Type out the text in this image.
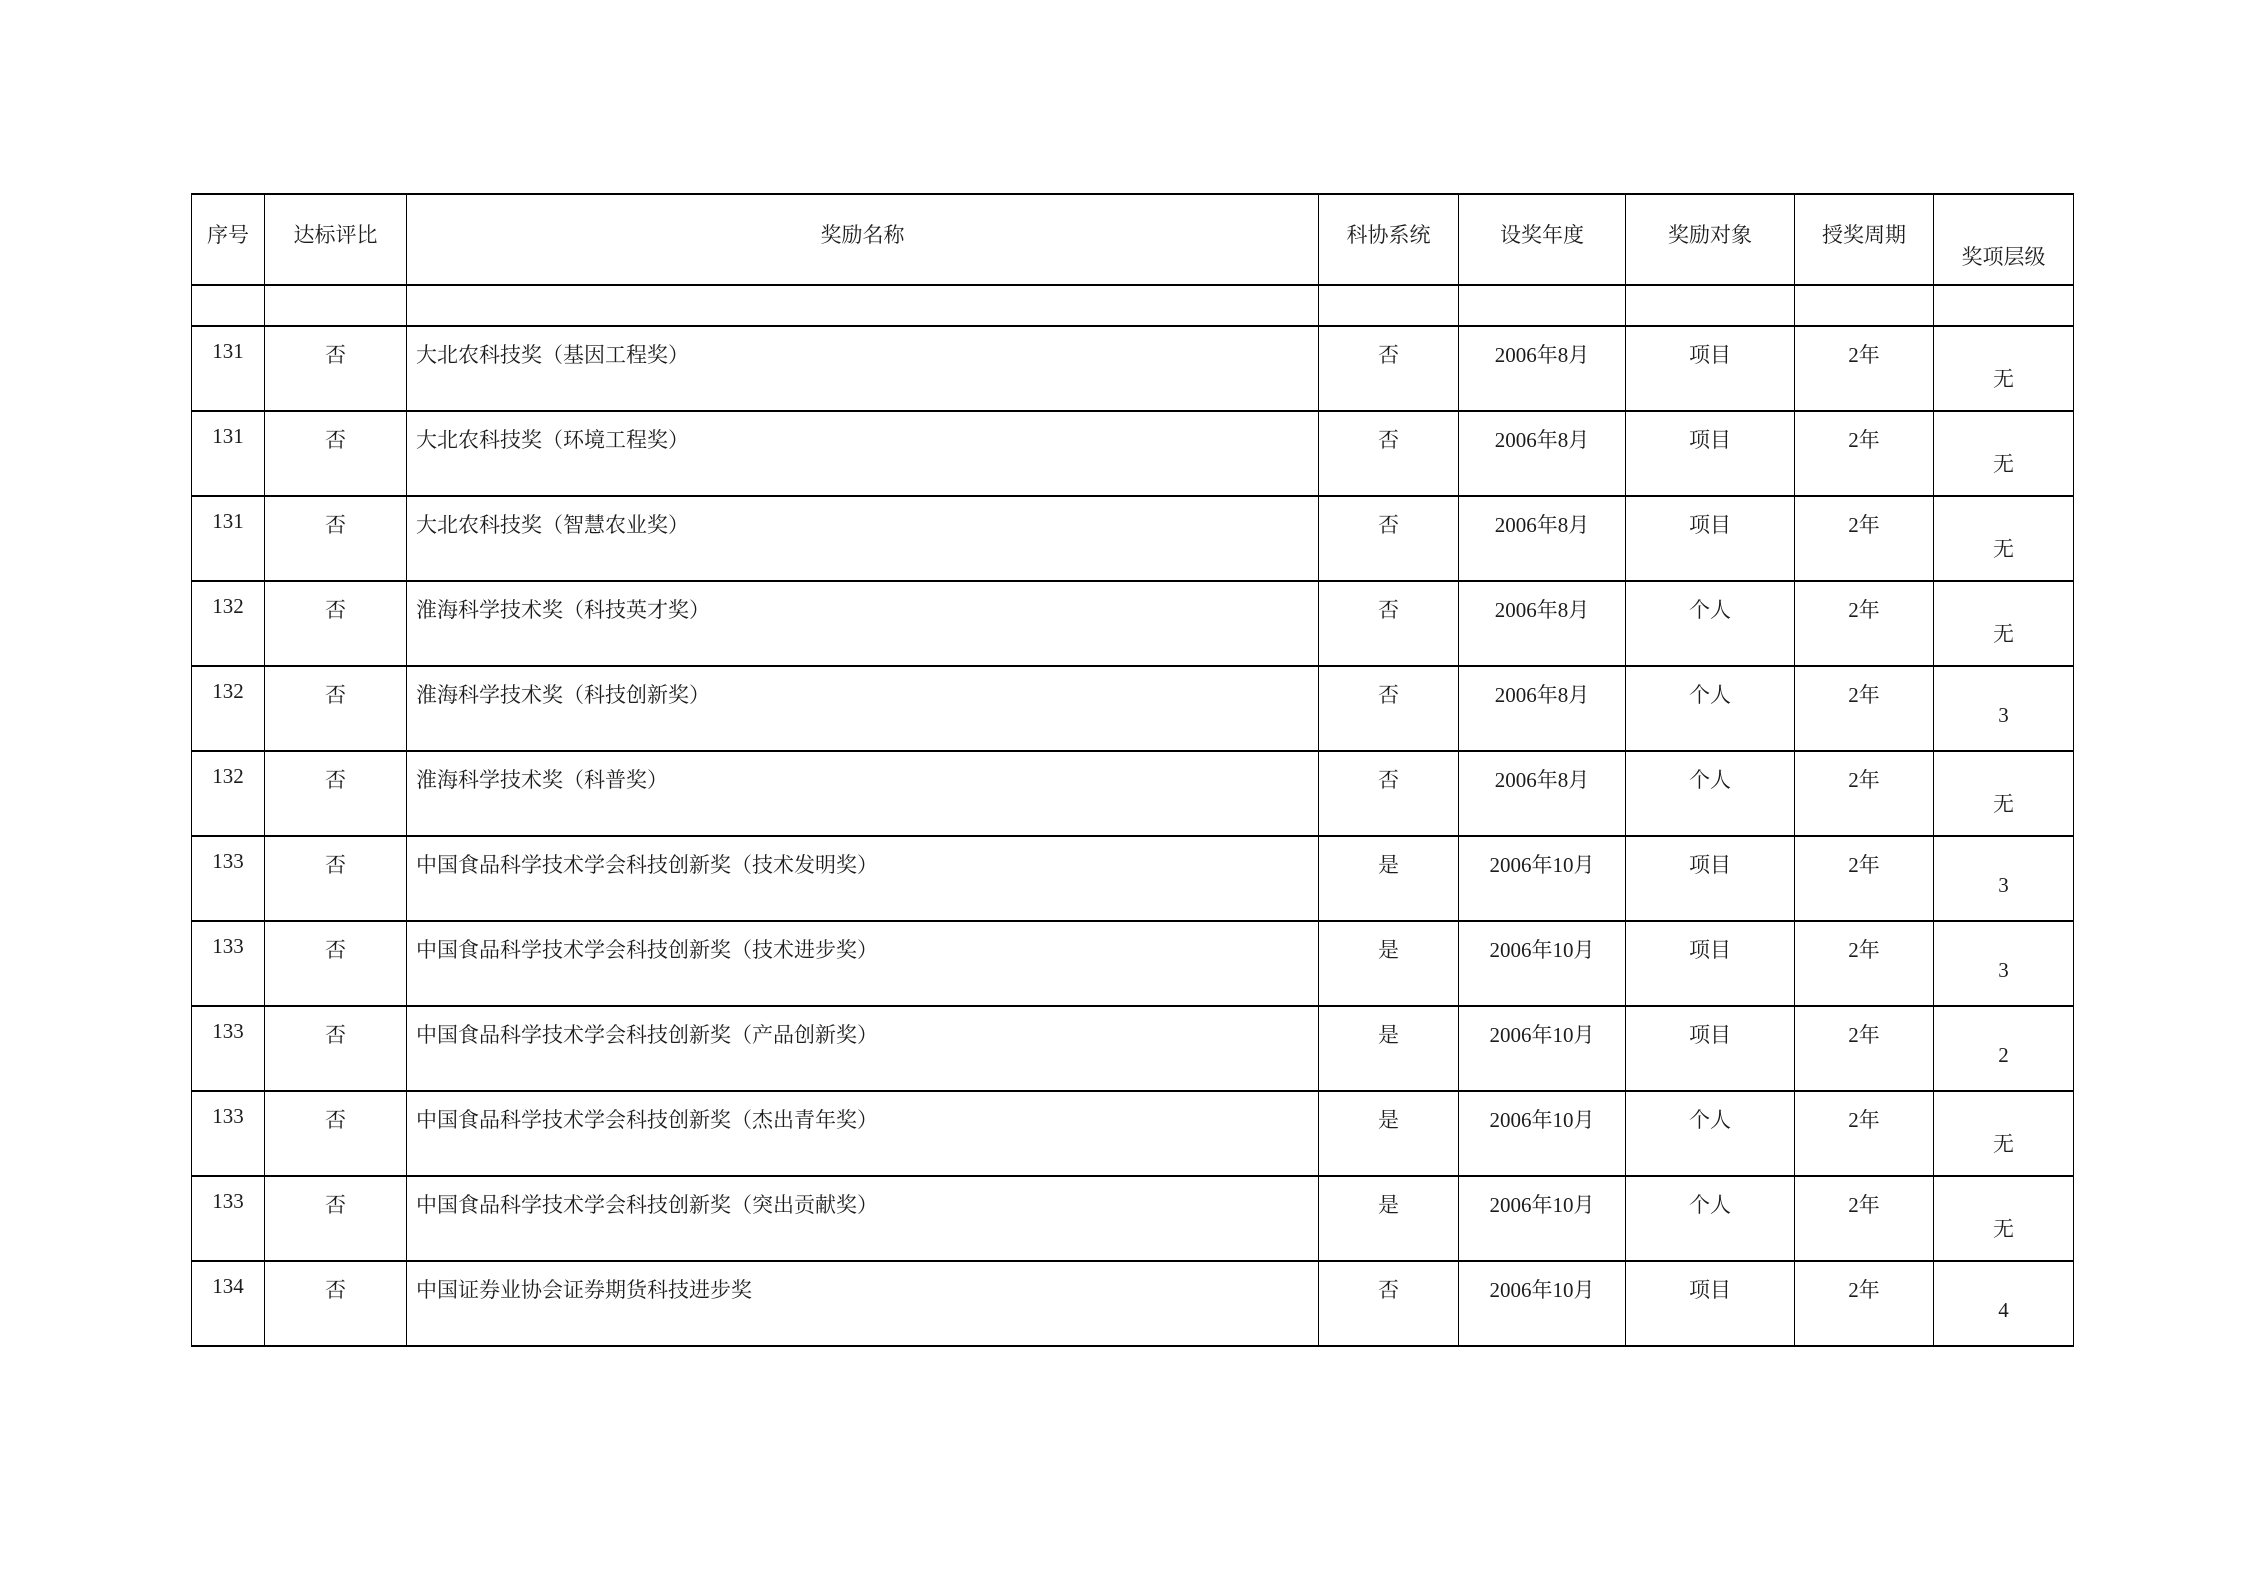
序号	达标评比	奖励名称	科协系统	设奖年度	奖励对象	授奖周期	奖项层级

131	否	大北农科技奖（基因工程奖）	否	2006年8月	项目	2年	无
131	否	大北农科技奖（环境工程奖）	否	2006年8月	项目	2年	无
131	否	大北农科技奖（智慧农业奖）	否	2006年8月	项目	2年	无
132	否	淮海科学技术奖（科技英才奖）	否	2006年8月	个人	2年	无
132	否	淮海科学技术奖（科技创新奖）	否	2006年8月	个人	2年	3
132	否	淮海科学技术奖（科普奖）	否	2006年8月	个人	2年	无
133	否	中国食品科学技术学会科技创新奖（技术发明奖）	是	2006年10月	项目	2年	3
133	否	中国食品科学技术学会科技创新奖（技术进步奖）	是	2006年10月	项目	2年	3
133	否	中国食品科学技术学会科技创新奖（产品创新奖）	是	2006年10月	项目	2年	2
133	否	中国食品科学技术学会科技创新奖（杰出青年奖）	是	2006年10月	个人	2年	无
133	否	中国食品科学技术学会科技创新奖（突出贡献奖）	是	2006年10月	个人	2年	无
134	否	中国证券业协会证券期货科技进步奖	否	2006年10月	项目	2年	4
